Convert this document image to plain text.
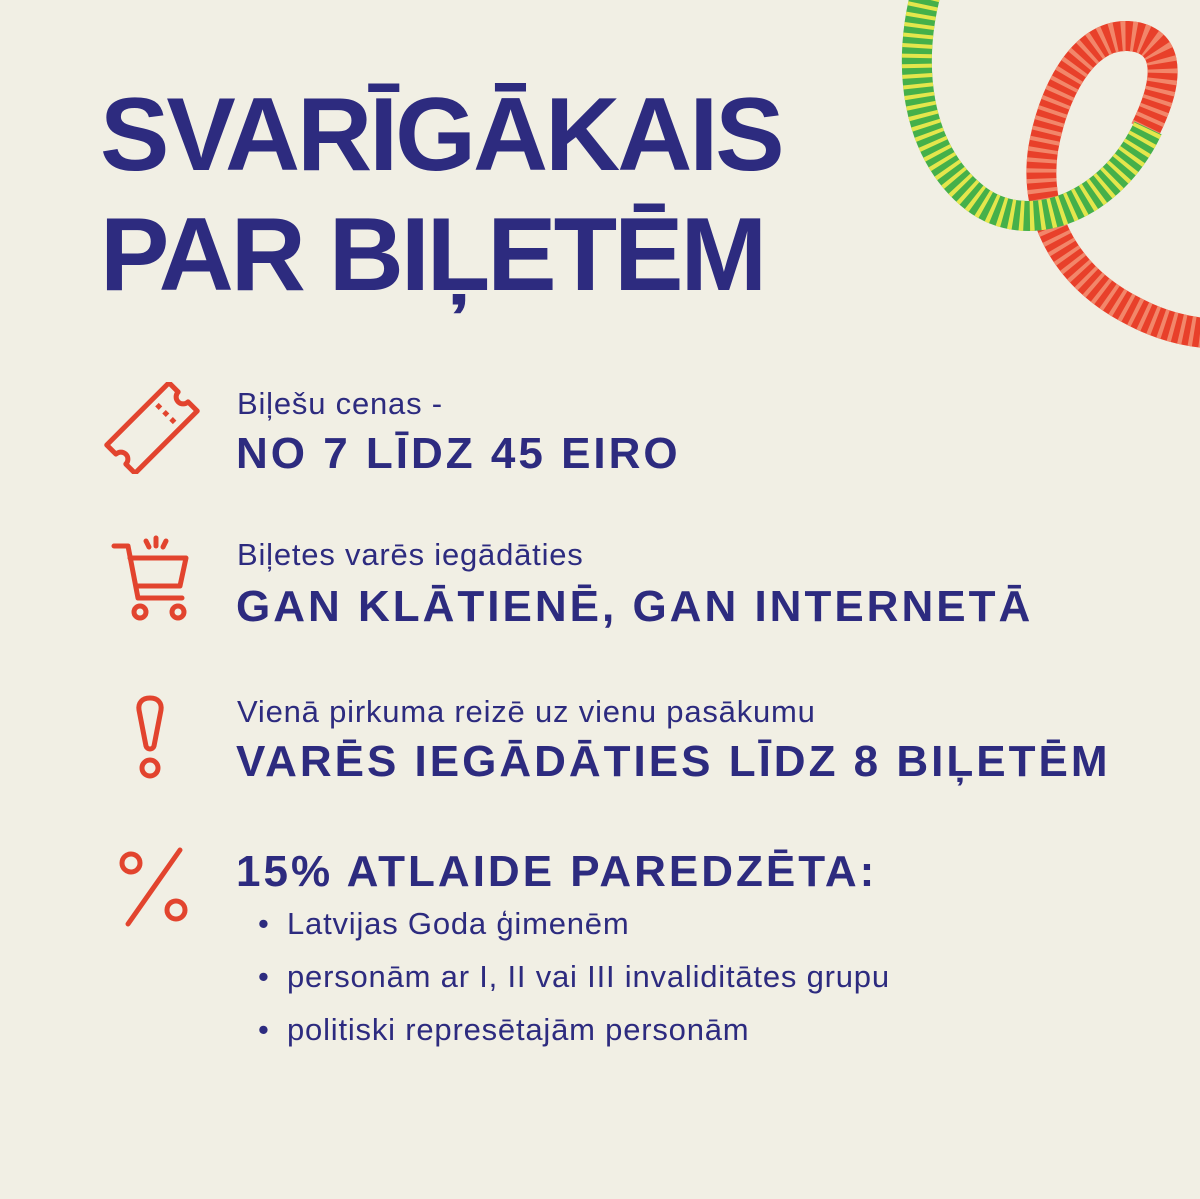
SVARĪGĀKAIS
PAR BIĻETĒM

Biļešu cenas -

NO 7 LĪDZ 45 EIRO

Biļetes varēs iegādāties

GAN KLĀTIENĒ, GAN INTERNETĀ

Vienā pirkuma reizē uz vienu pasākumu

VARĒS IEGĀDĀTIES LĪDZ 8 BIĻETĒM

15% ATLAIDE PAREDZĒTA:

• Latvijas Goda ģimenēm

• personām ar I, II vai III invaliditātes grupu

• politiski represētajām personām
